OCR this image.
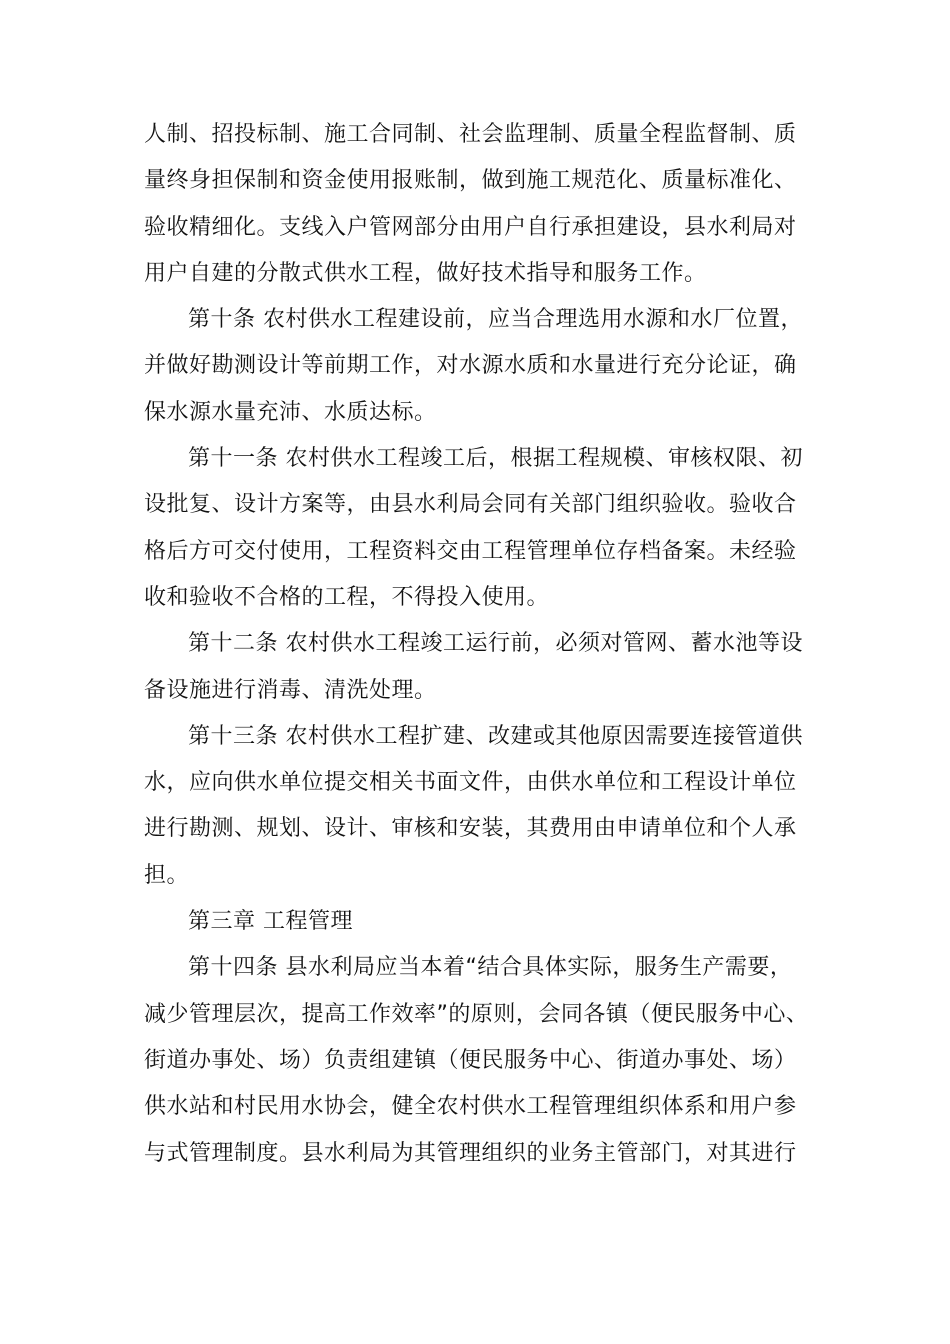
人制、招投标制、施工合同制、社会监理制、质量全程监督制、质
量终身担保制和资金使用报账制，做到施工规范化、质量标准化、
验收精细化。支线入户管网部分由用户自行承担建设，县水利局对
用户自建的分散式供水工程，做好技术指导和服务工作。
第十条 农村供水工程建设前，应当合理选用水源和水厂位置，
并做好勘测设计等前期工作，对水源水质和水量进行充分论证，确
保水源水量充沛、水质达标。
第十一条 农村供水工程竣工后，根据工程规模、审核权限、初
设批复、设计方案等，由县水利局会同有关部门组织验收。验收合
格后方可交付使用，工程资料交由工程管理单位存档备案。未经验
收和验收不合格的工程，不得投入使用。
第十二条 农村供水工程竣工运行前，必须对管网、蓄水池等设
备设施进行消毒、清洗处理。
第十三条 农村供水工程扩建、改建或其他原因需要连接管道供
水，应向供水单位提交相关书面文件，由供水单位和工程设计单位
进行勘测、规划、设计、审核和安装，其费用由申请单位和个人承
担。
第三章 工程管理
第十四条 县水利局应当本着“结合具体实际，服务生产需要，
减少管理层次，提高工作效率”的原则，会同各镇（便民服务中心、
街道办事处、场）负责组建镇（便民服务中心、街道办事处、场）
供水站和村民用水协会，健全农村供水工程管理组织体系和用户参
与式管理制度。县水利局为其管理组织的业务主管部门，对其进行
